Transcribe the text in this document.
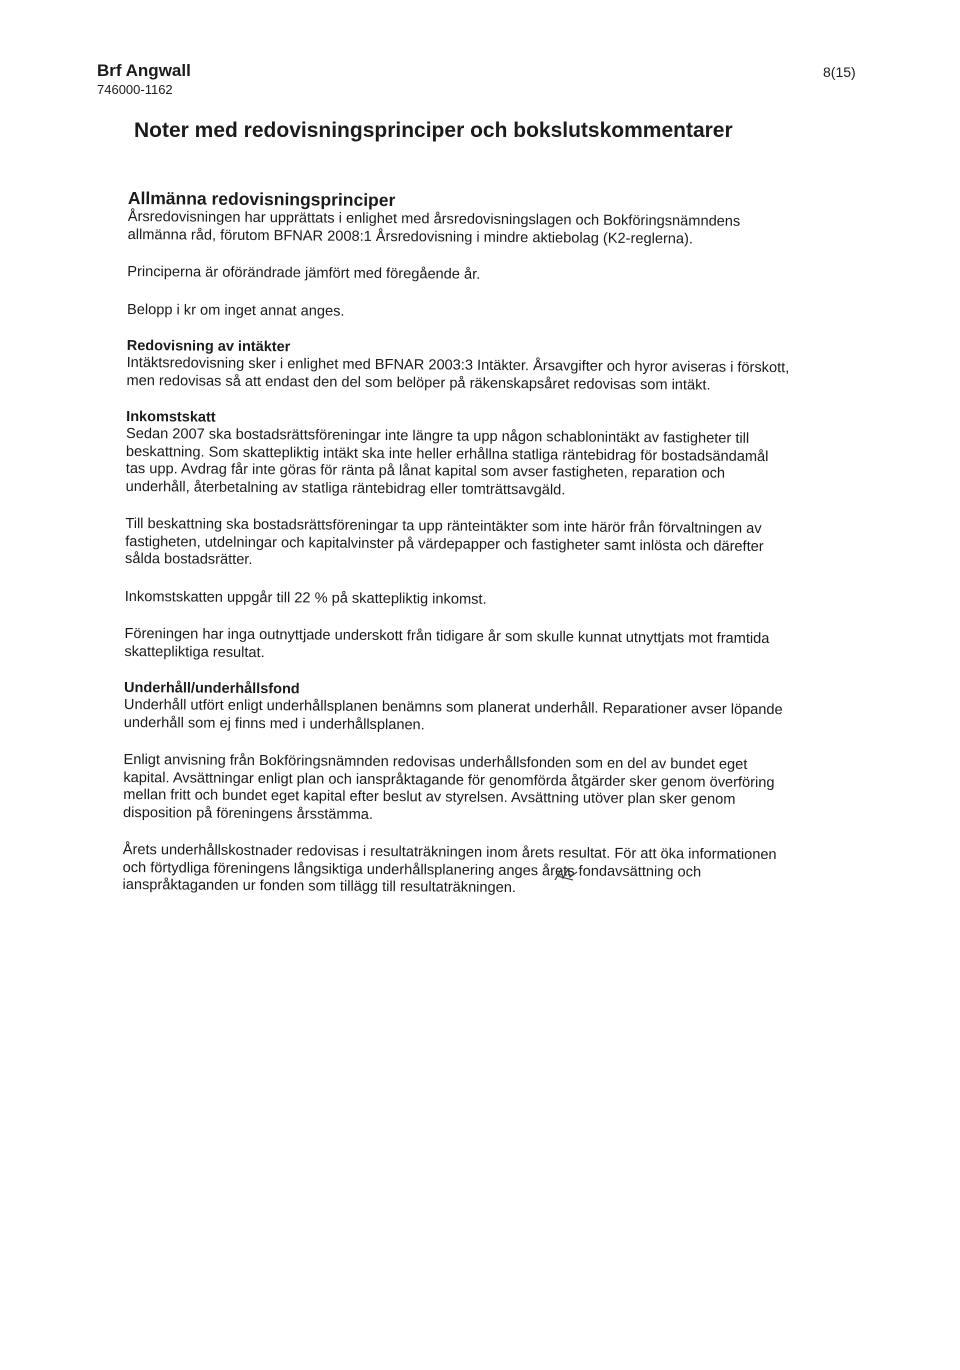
Brf Angwall
746000-1162
8(15)
Noter med redovisningsprinciper och bokslutskommentarer
Allmänna redovisningsprinciper

Årsredovisningen har upprättats i enlighet med årsredovisningslagen och Bokföringsnämndens

allmänna råd, förutom BFNAR 2008:1 Årsredovisning i mindre aktiebolag (K2-reglerna).

Principerna är oförändrade jämfört med föregående år.

Belopp i kr om inget annat anges.

Redovisning av intäkter

Intäktsredovisning sker i enlighet med BFNAR 2003:3 Intäkter. Årsavgifter och hyror aviseras i förskott,

men redovisas så att endast den del som belöper på räkenskapsåret redovisas som intäkt.

Inkomstskatt

Sedan 2007 ska bostadsrättsföreningar inte längre ta upp någon schablonintäkt av fastigheter till

beskattning. Som skattepliktig intäkt ska inte heller erhållna statliga räntebidrag för bostadsändamål

tas upp. Avdrag får inte göras för ränta på lånat kapital som avser fastigheten, reparation och

underhåll, återbetalning av statliga räntebidrag eller tomträttsavgäld.

Till beskattning ska bostadsrättsföreningar ta upp ränteintäkter som inte härör från förvaltningen av

fastigheten, utdelningar och kapitalvinster på värdepapper och fastigheter samt inlösta och därefter

sålda bostadsrätter.

Inkomstskatten uppgår till 22 % på skattepliktig inkomst.

Föreningen har inga outnyttjade underskott från tidigare år som skulle kunnat utnyttjats mot framtida

skattepliktiga resultat.

Underhåll/underhållsfond

Underhåll utfört enligt underhållsplanen benämns som planerat underhåll. Reparationer avser löpande

underhåll som ej finns med i underhållsplanen.

Enligt anvisning från Bokföringsnämnden redovisas underhållsfonden som en del av bundet eget

kapital. Avsättningar enligt plan och ianspråktagande för genomförda åtgärder sker genom överföring

mellan fritt och bundet eget kapital efter beslut av styrelsen. Avsättning utöver plan sker genom

disposition på föreningens årsstämma.

Årets underhållskostnader redovisas i resultaträkningen inom årets resultat. För att öka informationen

och förtydliga föreningens långsiktiga underhållsplanering anges årets fondavsättning och

ianspråktaganden ur fonden som tillägg till resultaträkningen.
